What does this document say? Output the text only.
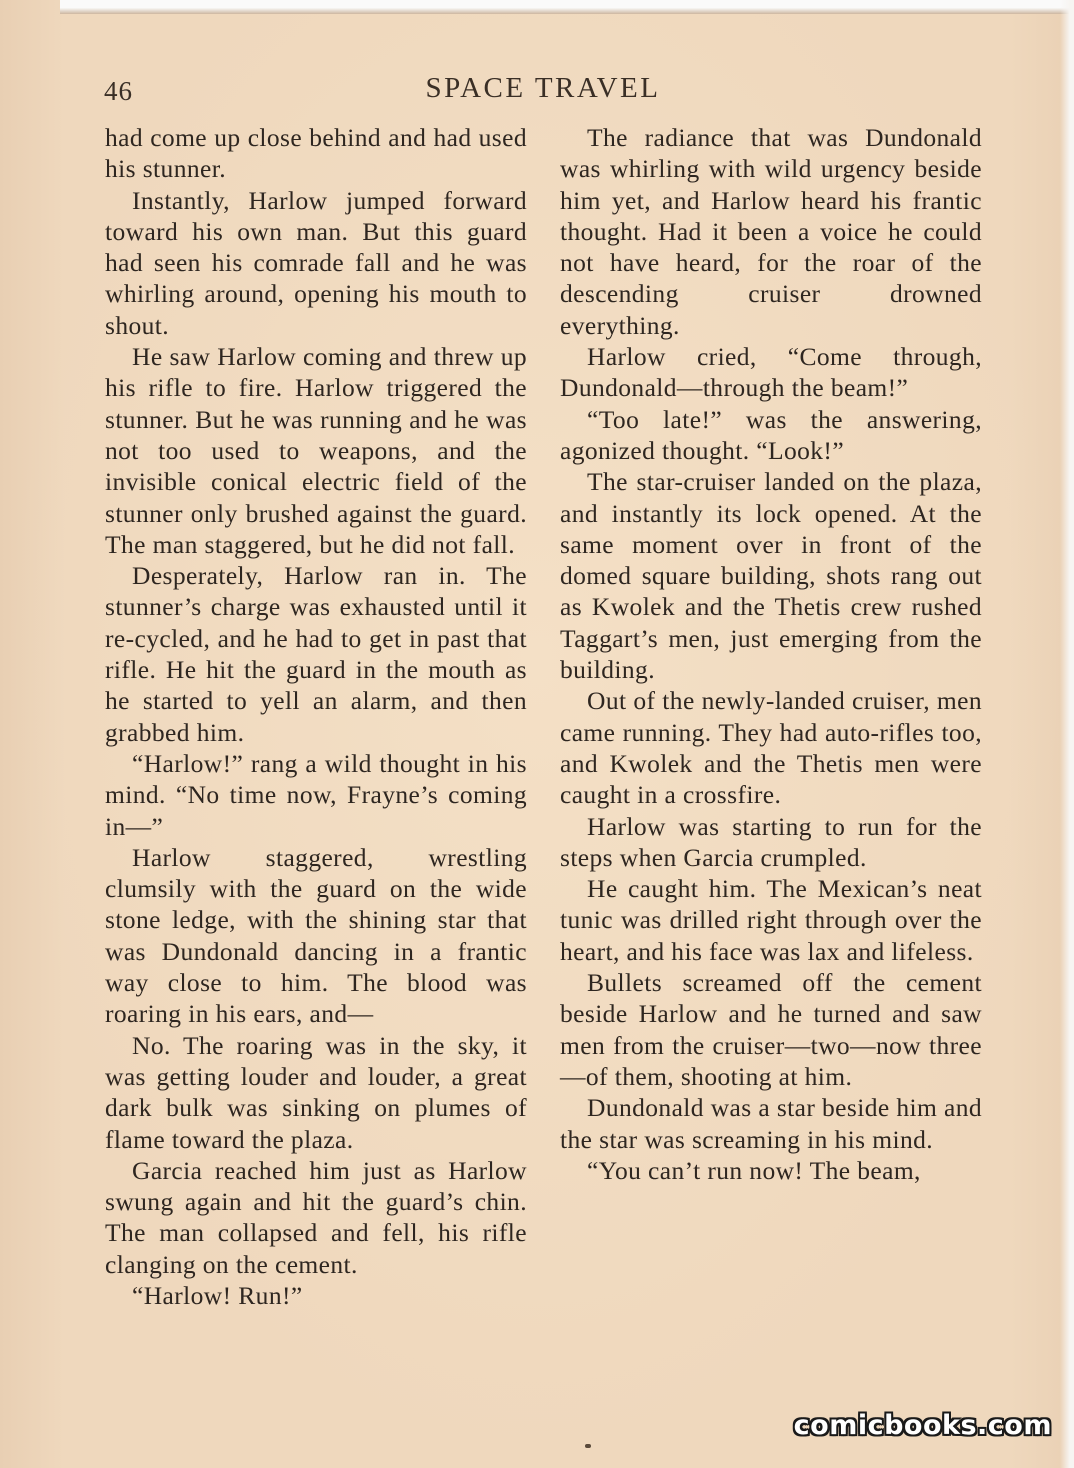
46	SPACE TRAVEL

had come up close behind and had used his stunner.

Instantly, Harlow jumped forward toward his own man. But this guard had seen his comrade fall and he was whirling around, opening his mouth to shout.

He saw Harlow coming and threw up his rifle to fire. Harlow triggered the stunner. But he was running and he was not too used to weapons, and the invisible conical electric field of the stunner only brushed against the guard. The man staggered, but he did not fall.

Desperately, Harlow ran in. The stunner’s charge was exhausted until it re-cycled, and he had to get in past that rifle. He hit the guard in the mouth as he started to yell an alarm, and then grabbed him.

“Harlow!” rang a wild thought in his mind. “No time now, Frayne’s coming in—”

Harlow staggered, wrestling clumsily with the guard on the wide stone ledge, with the shining star that was Dundonald dancing in a frantic way close to him. The blood was roaring in his ears, and—

No. The roaring was in the sky, it was getting louder and louder, a great dark bulk was sinking on plumes of flame toward the plaza.

Garcia reached him just as Harlow swung again and hit the guard’s chin. The man collapsed and fell, his rifle clanging on the cement.

“Harlow! Run!”

The radiance that was Dundonald was whirling with wild urgency beside him yet, and Harlow heard his frantic thought. Had it been a voice he could not have heard, for the roar of the descending cruiser drowned everything.

Harlow cried, “Come through, Dundonald—through the beam!”

“Too late!” was the answering, agonized thought. “Look!”

The star-cruiser landed on the plaza, and instantly its lock opened. At the same moment over in front of the domed square building, shots rang out as Kwolek and the Thetis crew rushed Taggart’s men, just emerging from the building.

Out of the newly-landed cruiser, men came running. They had auto-rifles too, and Kwolek and the Thetis men were caught in a crossfire.

Harlow was starting to run for the steps when Garcia crumpled.

He caught him. The Mexican’s neat tunic was drilled right through over the heart, and his face was lax and lifeless.

Bullets screamed off the cement beside Harlow and he turned and saw men from the cruiser—two—now three—of them, shooting at him.

Dundonald was a star beside him and the star was screaming in his mind.

“You can’t run now! The beam,

comicbooks.com
